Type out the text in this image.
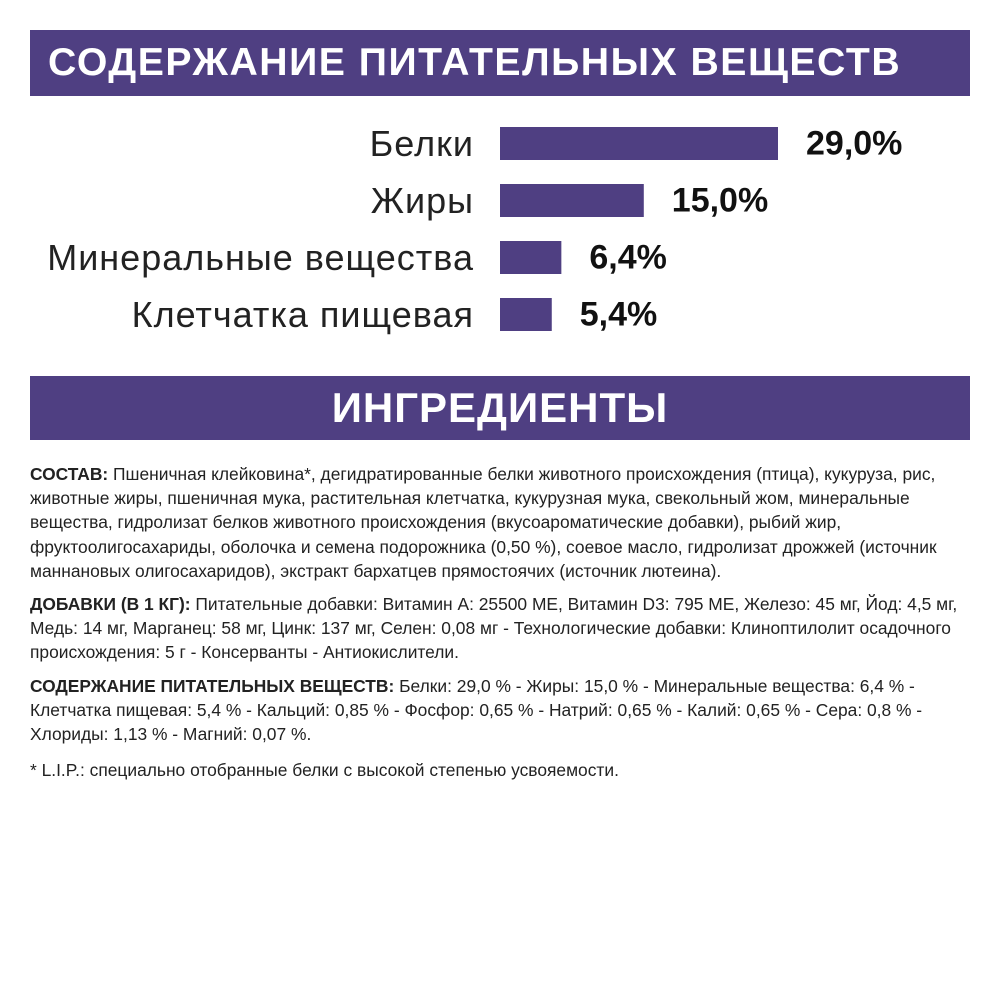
СОДЕРЖАНИЕ ПИТАТЕЛЬНЫХ ВЕЩЕСТВ
Белки	29,0%
Жиры	15,0%
Минеральные вещества	6,4%
Клетчатка пищевая	5,4%
ИНГРЕДИЕНТЫ

СОСТАВ: Пшеничная клейковина*, дегидратированные белки животного происхождения (птица), кукуруза, рис, животные жиры, пшеничная мука, растительная клетчатка, кукурузная мука, свекольный жом, минеральные вещества, гидролизат белков животного происхождения (вкусоароматические добавки), рыбий жир, фруктоолигосахариды, оболочка и семена подорожника (0,50 %), соевое масло, гидролизат дрожжей (источник маннановых олигосахаридов), экстракт бархатцев прямостоячих (источник лютеина).

ДОБАВКИ (В 1 КГ): Питательные добавки: Витамин A: 25500 МЕ, Витамин D3: 795 МЕ, Железо: 45 мг, Йод: 4,5 мг, Медь: 14 мг, Марганец: 58 мг, Цинк: 137 мг, Селен: 0,08 мг - Технологические добавки: Клиноптилолит осадочного происхождения: 5 г - Консерванты - Антиокислители.

СОДЕРЖАНИЕ ПИТАТЕЛЬНЫХ ВЕЩЕСТВ: Белки: 29,0 % - Жиры: 15,0 % - Минеральные вещества: 6,4 % - Клетчатка пищевая: 5,4 % - Кальций: 0,85 % - Фосфор: 0,65 % - Натрий: 0,65 % - Калий: 0,65 % - Сера: 0,8 % - Хлориды: 1,13 % - Магний: 0,07 %.

* L.I.P.: специально отобранные белки с высокой степенью усвояемости.
